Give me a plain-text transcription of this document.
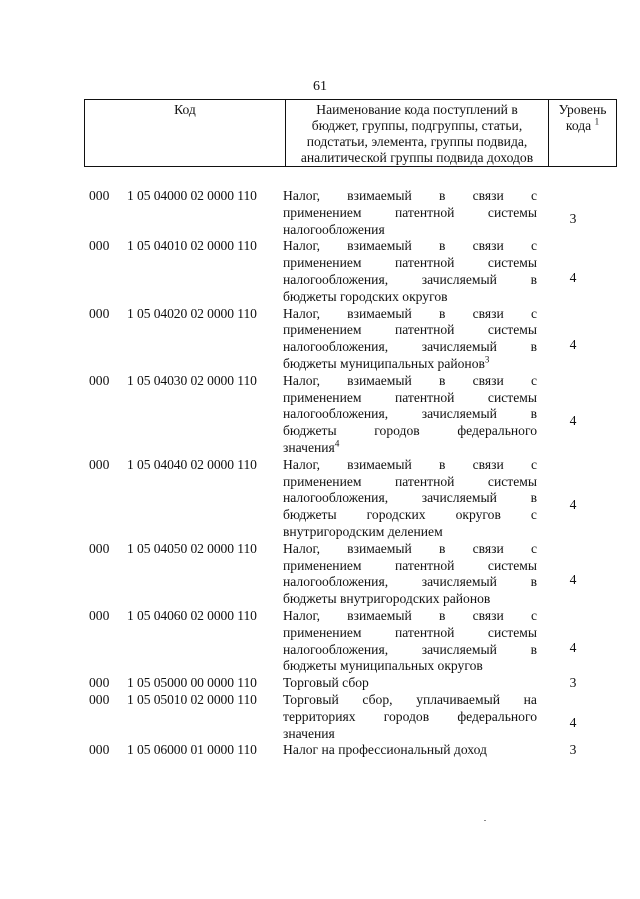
61
Код	Наименование кода поступлений в
бюджет, группы, подгруппы, статьи,
подстатьи, элемента, группы подвида,
аналитической группы подвида доходов

Уровень
кода $^1$
000	1 05 04000 02 0000 110	Налог, взимаемый в связи с
применением патентной системы
налогообложения
3
000	1 05 04010 02 0000 110	Налог, взимаемый в связи с
применением патентной системы
налогообложения, зачисляемый в
бюджеты городских округов
4
000	1 05 04020 02 0000 110	Налог, взимаемый в связи с
применением патентной системы
налогообложения, зачисляемый в
бюджеты муниципальных районов$^3$
4
000	1 05 04030 02 0000 110	Налог, взимаемый в связи с
применением патентной системы
налогообложения, зачисляемый в
бюджеты	городов	федерального
значения$^4$
4
000	1 05 04040 02 0000 110	Налог, взимаемый в связи с
применением патентной системы
налогообложения, зачисляемый в
бюджеты городских округов с
внутригородским делением
4
000	1 05 04050 02 0000 110	Налог, взимаемый в связи с
применением патентной системы
налогообложения, зачисляемый в
бюджеты внутригородских районов
4
000	1 05 04060 02 0000 110	Налог, взимаемый в связи с
применением патентной системы
налогообложения, зачисляемый в
бюджеты муниципальных округов
4
000	1 05 05000 00 0000 110	Торговый сбор	3
000	1 05 05010 02 0000 110	Торговый сбор, уплачиваемый на
территориях городов федерального
значения
4
000	1 05 06000 01 0000 110	Налог на профессиональный доход	3
